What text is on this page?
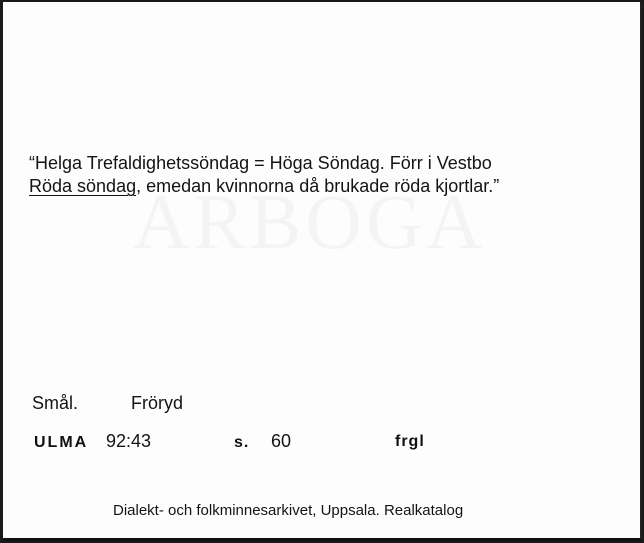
“Helga Trefaldighetssöndag = Höga Söndag. Förr i Vestbo
Röda söndag, emedan kvinnorna då brukade röda kjortlar.”
Smål.	Fröryd
ULMA 92:43	s. 60	frgl
Dialekt- och folkminnesarkivet, Uppsala. Realkatalog
